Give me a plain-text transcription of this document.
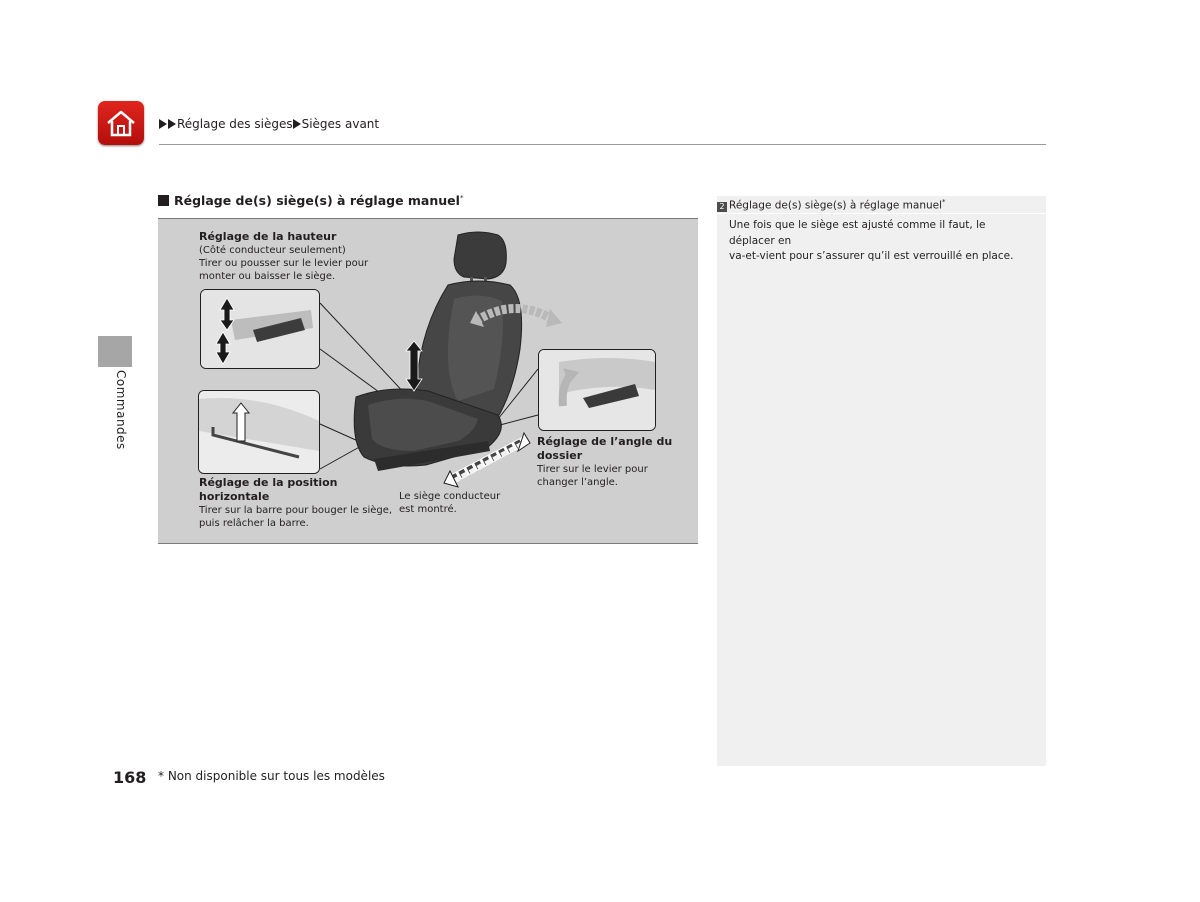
Réglage des sièges Sièges avant
Commandes
Réglage de(s) siège(s) à réglage manuel*
Réglage de la hauteur
(Côté conducteur seulement)
Tirer ou pousser sur le levier pour
monter ou baisser le siège.
Réglage de la position
horizontale
Tirer sur la barre pour bouger le siège,
puis relâcher la barre.
Le siège conducteur
est montré.
Réglage de l’angle du
dossier
Tirer sur le levier pour
changer l’angle.
2 Réglage de(s) siège(s) à réglage manuel*
Une fois que le siège est ajusté comme il faut, le déplacer en
va-et-vient pour s’assurer qu’il est verrouillé en place.
168 * Non disponible sur tous les modèles
